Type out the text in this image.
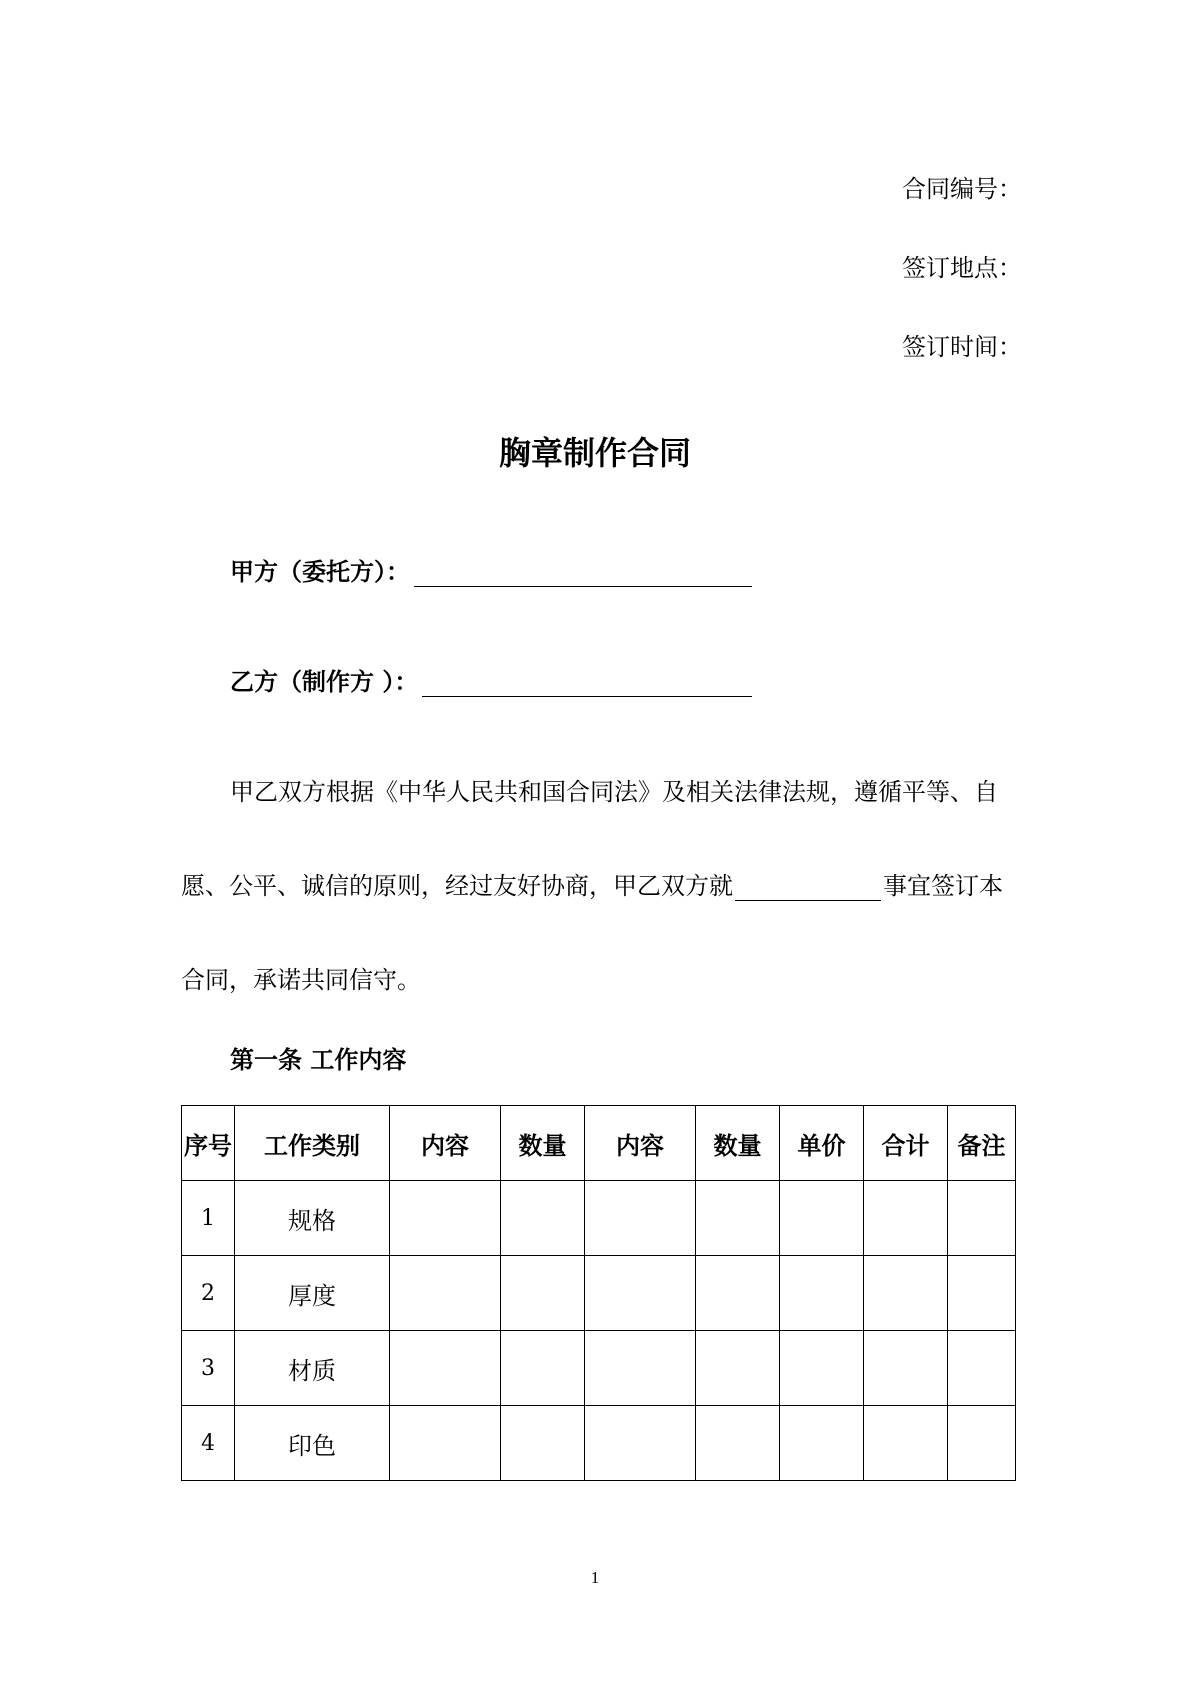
合同编号：
签订地点：
签订时间：
胸章制作合同
甲方（委托方）：
乙方（制作方 ）：
甲乙双方根据《中华人民共和国合同法》及相关法律法规，遵循平等、自
愿、公平、诚信的原则，经过友好协商，甲乙双方就	事宜签订本
合同，承诺共同信守。
第一条 工作内容
序号	工作类别	内容	数量	内容	数量	单价	合计	备注
1	规格							
2	厚度							
3	材质							
4	印色							
1
